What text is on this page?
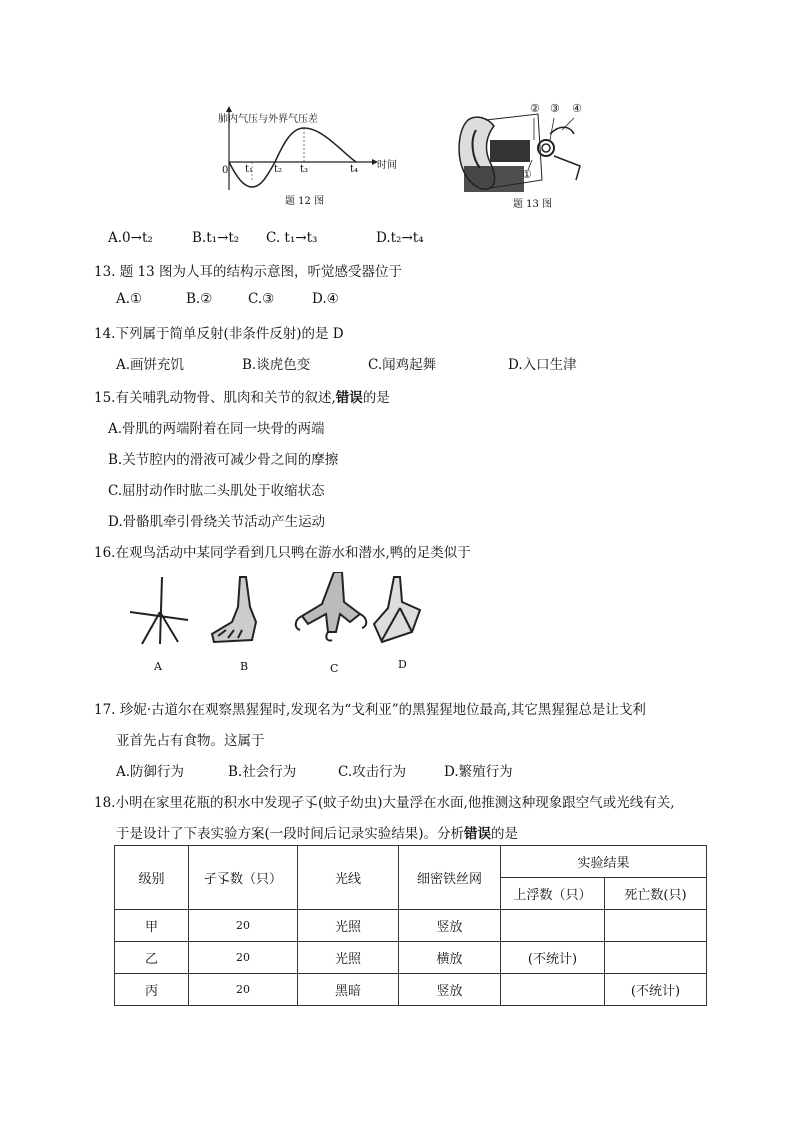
肺内气压与外界气压差
时间
0 t₁ t₂ t₃	t₄
题 12 图
② ③ ④
①
题 13 图
A.0→t₂	B.t₁→t₂ C. t₁→t₃	D.t₂→t₄
13. 题 13 图为人耳的结构示意图，听觉感受器位于
A.①	B.②	C.③	D.④
14.下列属于简单反射(非条件反射)的是 D
A.画饼充饥	B.谈虎色变	C.闻鸡起舞	D.入口生津
15.有关哺乳动物骨、肌肉和关节的叙述,错误的是
A.骨肌的两端附着在同一块骨的两端
B.关节腔内的滑液可减少骨之间的摩擦
C.屈肘动作时肱二头肌处于收缩状态
D.骨骼肌牵引骨绕关节活动产生运动
16.在观鸟活动中某同学看到几只鸭在游水和潜水,鸭的足类似于
A	B	C	D
17. 珍妮·古道尔在观察黑猩猩时,发现名为“戈利亚”的黑猩猩地位最高,其它黑猩猩总是让戈利
亚首先占有食物。这属于
A.防御行为	B.社会行为	C.攻击行为	D.繁殖行为
18.小明在家里花瓶的积水中发现孑孓(蚊子幼虫)大量浮在水面,他推测这种现象跟空气或光线有关,
于是设计了下表实验方案(一段时间后记录实验结果)。分析错误的是
级别	孑孓数（只）	光线	细密铁丝网	实验结果	
				上浮数（只）	死亡数(只)
甲	20	光照	竖放		
乙	20	光照	横放	(不统计)	
丙	20	黑暗	竖放		(不统计)
